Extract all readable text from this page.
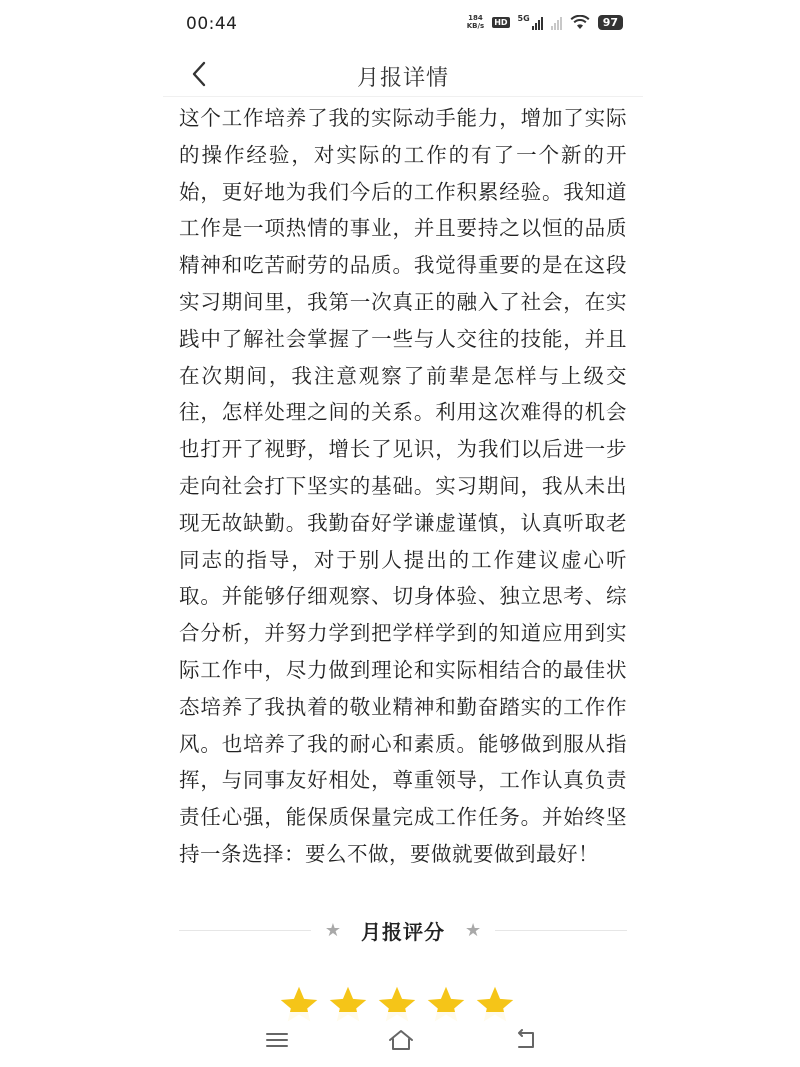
00:44	184
KB/s HD 5G	97
月报详情
这个工作培养了我的实际动手能力，增加了实际的操作经验，对实际的工作的有了一个新的开始，更好地为我们今后的工作积累经验。我知道工作是一项热情的事业，并且要持之以恒的品质精神和吃苦耐劳的品质。我觉得重要的是在这段实习期间里，我第一次真正的融入了社会，在实践中了解社会掌握了一些与人交往的技能，并且在次期间，我注意观察了前辈是怎样与上级交往，怎样处理之间的关系。利用这次难得的机会也打开了视野，增长了见识，为我们以后进一步走向社会打下坚实的基础。实习期间，我从未出现无故缺勤。我勤奋好学谦虚谨慎，认真听取老同志的指导，对于别人提出的工作建议虚心听取。并能够仔细观察、切身体验、独立思考、综合分析，并努力学到把学样学到的知道应用到实际工作中，尽力做到理论和实际相结合的最佳状态培养了我执着的敬业精神和勤奋踏实的工作作风。也培养了我的耐心和素质。能够做到服从指挥，与同事友好相处，尊重领导，工作认真负责责任心强，能保质保量完成工作任务。并始终坚持一条选择：要么不做，要做就要做到最好！
★ 月报评分 ★
